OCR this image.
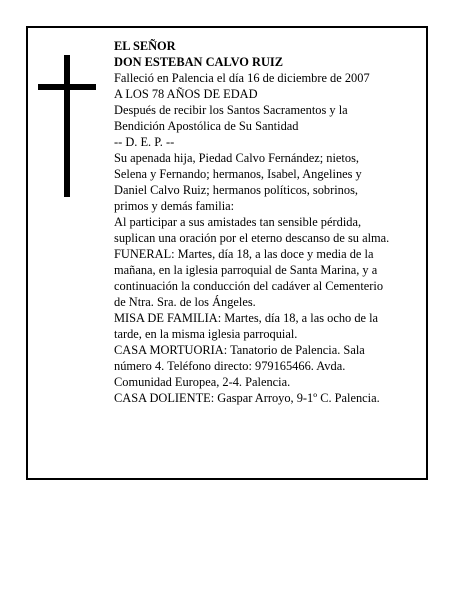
EL SEÑOR

DON ESTEBAN CALVO RUIZ

Falleció en Palencia el día 16 de diciembre de 2007

A LOS 78 AÑOS DE EDAD

Después de recibir los Santos Sacramentos y la

Bendición Apostólica de Su Santidad

-- D. E. P. --

Su apenada hija, Piedad Calvo Fernández; nietos,

Selena y Fernando; hermanos, Isabel, Angelines y

Daniel Calvo Ruiz; hermanos políticos, sobrinos,

primos y demás familia:

Al participar a sus amistades tan sensible pérdida,

suplican una oración por el eterno descanso de su alma.

FUNERAL: Martes, día 18, a las doce y media de la

mañana, en la iglesia parroquial de Santa Marina, y a

continuación la conducción del cadáver al Cementerio

de Ntra. Sra. de los Ángeles.

MISA DE FAMILIA: Martes, día 18, a las ocho de la

tarde, en la misma iglesia parroquial.

CASA MORTUORIA: Tanatorio de Palencia. Sala

número 4. Teléfono directo: 979165466. Avda.

Comunidad Europea, 2-4. Palencia.

CASA DOLIENTE: Gaspar Arroyo, 9-1º C. Palencia.
